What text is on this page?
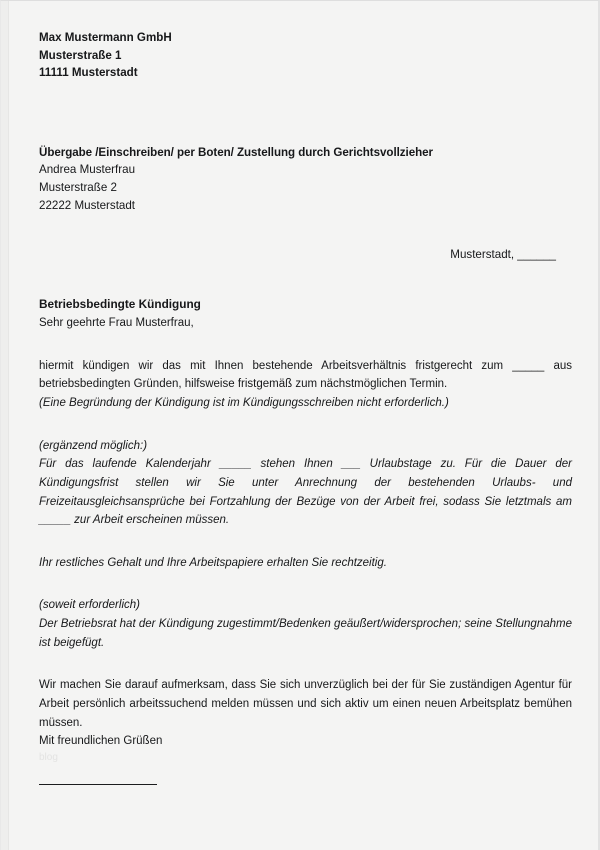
Max Mustermann GmbH
Musterstraße 1
11111 Musterstadt
Übergabe /Einschreiben/ per Boten/ Zustellung durch Gerichtsvollzieher
Andrea Musterfrau
Musterstraße 2
22222 Musterstadt
Musterstadt, ______
Betriebsbedingte Kündigung

Sehr geehrte Frau Musterfrau,

hiermit kündigen wir das mit Ihnen bestehende Arbeitsverhältnis fristgerecht zum _____ aus betriebsbedingten Gründen, hilfsweise fristgemäß zum nächstmöglichen Termin.

(Eine Begründung der Kündigung ist im Kündigungsschreiben nicht erforderlich.)

(ergänzend möglich:)

Für das laufende Kalenderjahr _____ stehen Ihnen ___ Urlaubstage zu. Für die Dauer der Kündigungsfrist stellen wir Sie unter Anrechnung der bestehenden Urlaubs- und Freizeitausgleichsansprüche bei Fortzahlung der Bezüge von der Arbeit frei, sodass Sie letztmals am _____ zur Arbeit erscheinen müssen.

Ihr restliches Gehalt und Ihre Arbeitspapiere erhalten Sie rechtzeitig.

(soweit erforderlich)

Der Betriebsrat hat der Kündigung zugestimmt/Bedenken geäußert/widersprochen; seine Stellungnahme ist beigefügt.

Wir machen Sie darauf aufmerksam, dass Sie sich unverzüglich bei der für Sie zuständigen Agentur für Arbeit persönlich arbeitssuchend melden müssen und sich aktiv um einen neuen Arbeitsplatz bemühen müssen.

Mit freundlichen Grüßen

blog
